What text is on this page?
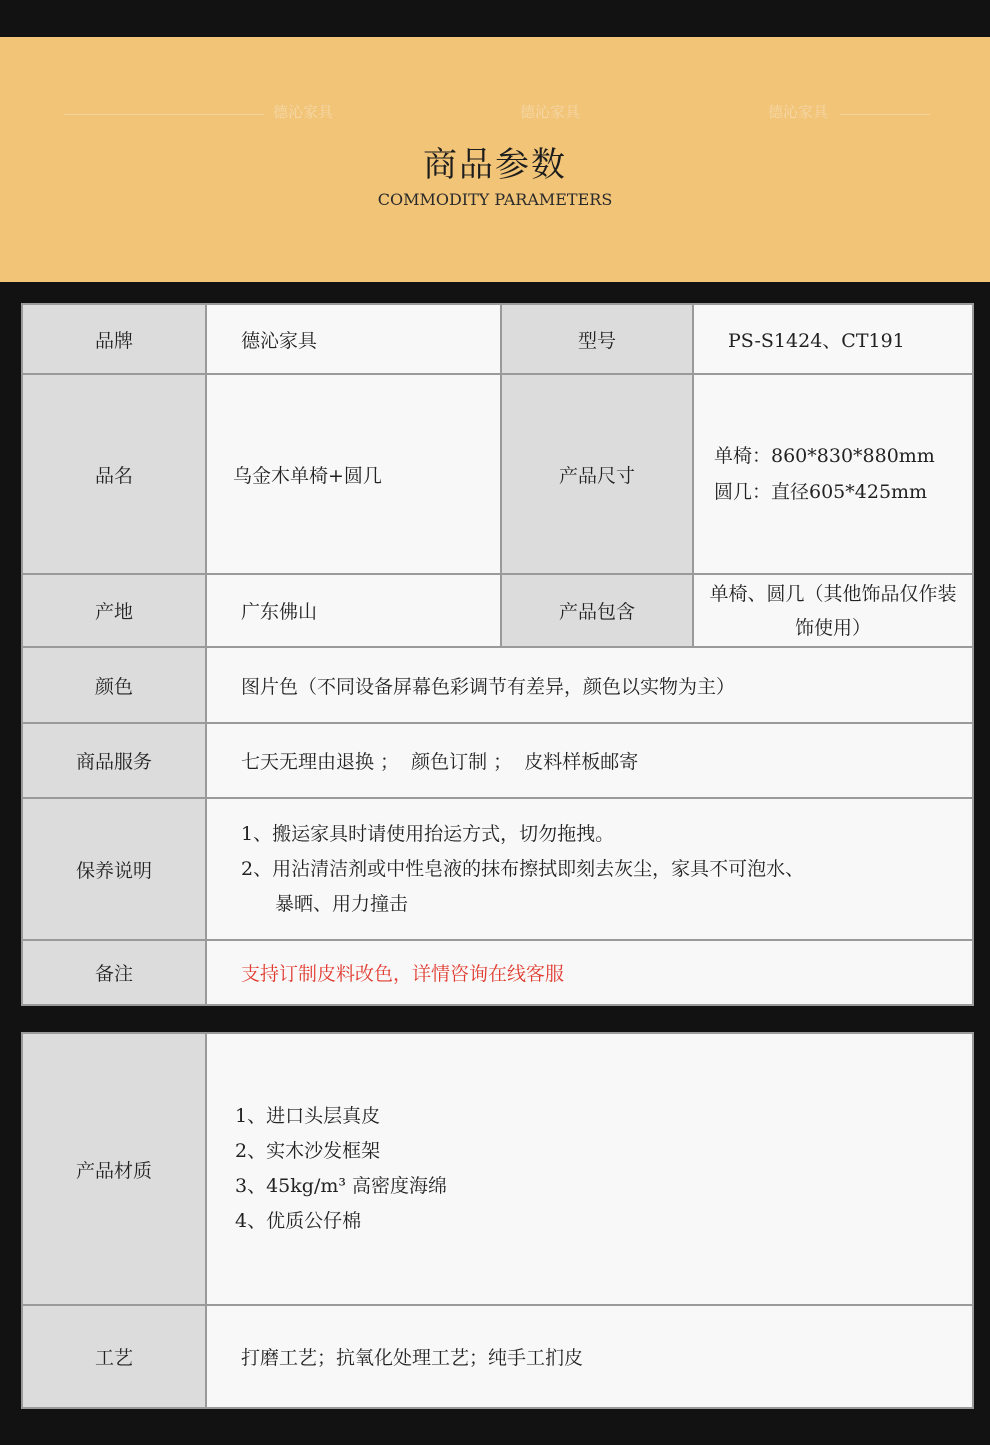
德沁家具	德沁家具	德沁家具
商品参数
COMMODITY PARAMETERS
品牌	德沁家具	型号	PS-S1424、CT191

品名	乌金木单椅+圆几	产品尺寸	单椅：860*830*880mm
圆几：直径605*425mm

产地	广东佛山	产品包含	单椅、圆几（其他饰品仅作装
饰使用）

颜色	图片色（不同设备屏幕色彩调节有差异，颜色以实物为主）		

商品服务	七天无理由退换 ；  颜色订制 ；  皮料样板邮寄		

保养说明	1、搬运家具时请使用抬运方式，切勿拖拽。
2、用沾清洁剂或中性皂液的抹布擦拭即刻去灰尘，家具不可泡水、
暴晒、用力撞击		

备注	支持订制皮料改色，详情咨询在线客服		
产品材质	1、进口头层真皮
2、实木沙发框架
3、45kg/m³ 高密度海绵
4、优质公仔棉

工艺	打磨工艺；抗氧化处理工艺；纯手工扪皮
